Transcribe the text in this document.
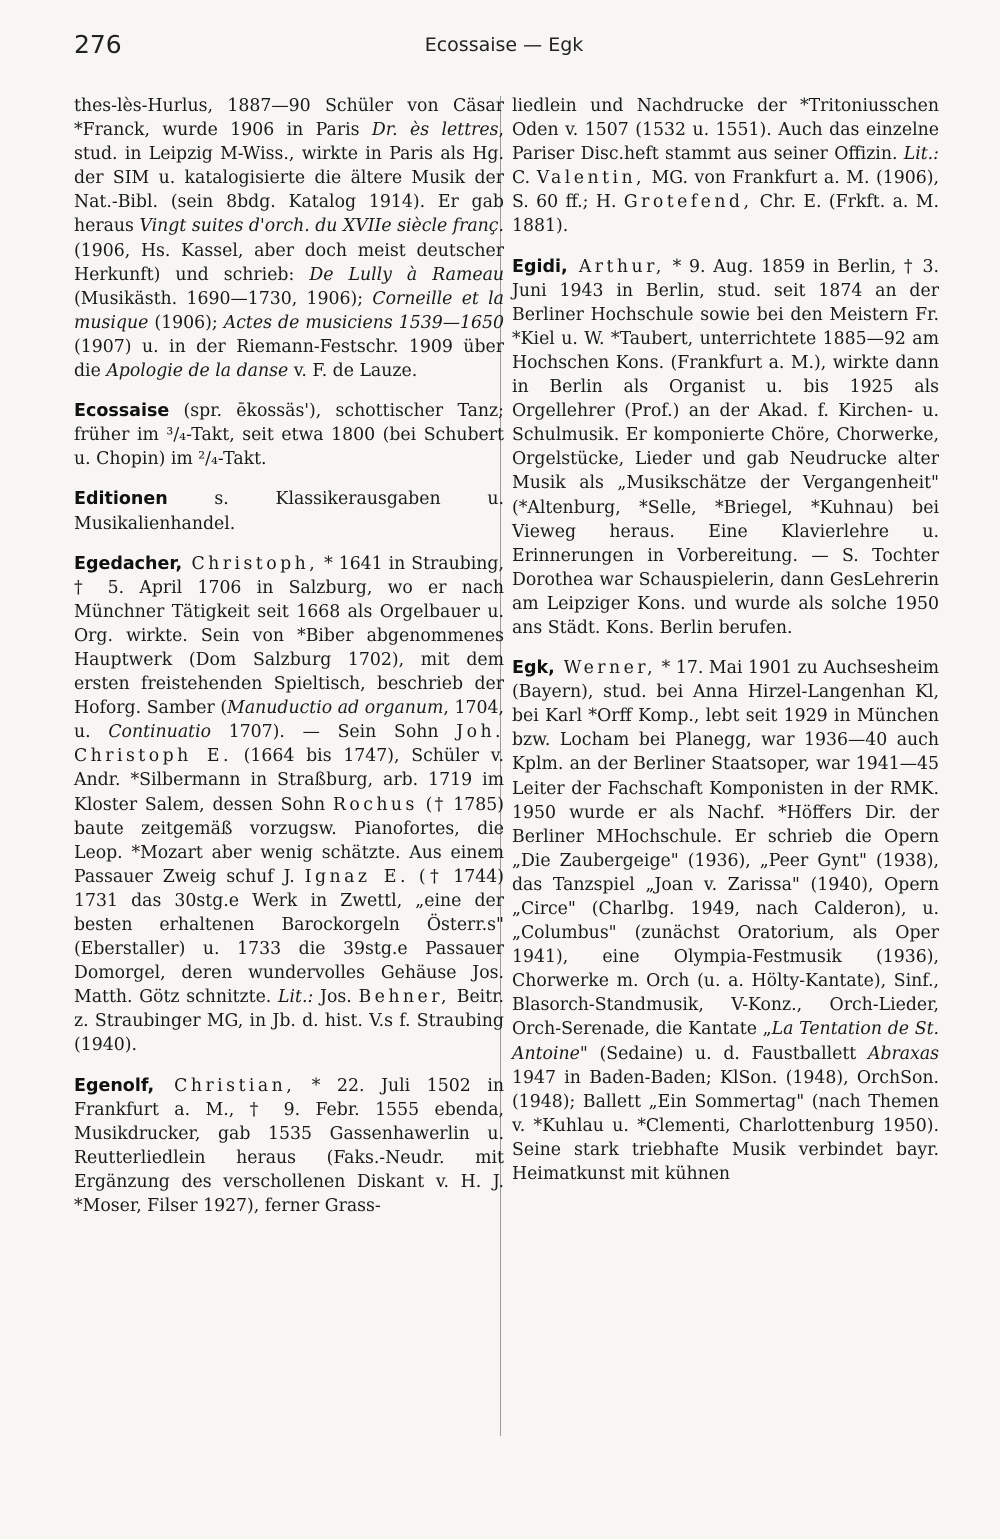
276	Ecossaise — Egk

thes-lès-Hurlus, 1887—90 Schüler von Cäsar *Franck, wurde 1906 in Paris Dr. ès lettres, stud. in Leipzig M-Wiss., wirkte in Paris als Hg. der SIM u. katalogisierte die ältere Musik der Nat.-Bibl. (sein 8bdg. Katalog 1914). Er gab heraus Vingt suites d'orch. du XVIIe siècle franç. (1906, Hs. Kassel, aber doch meist deutscher Herkunft) und schrieb: De Lully à Rameau (Musikästh. 1690—1730, 1906); Corneille et la musique (1906); Actes de musiciens 1539—1650 (1907) u. in der Riemann-Festschr. 1909 über die Apologie de la danse v. F. de Lauze.

Ecossaise (spr. ēkossäs'), schottischer Tanz; früher im ³/₄-Takt, seit etwa 1800 (bei Schubert u. Chopin) im ²/₄-Takt.

Editionen s. Klassikerausgaben u. Musikalienhandel.

Egedacher, Christoph, * 1641 in Straubing, † 5. April 1706 in Salzburg, wo er nach Münchner Tätigkeit seit 1668 als Orgelbauer u. Org. wirkte. Sein von *Biber abgenommenes Hauptwerk (Dom Salzburg 1702), mit dem ersten freistehenden Spieltisch, beschrieb der Hoforg. Samber (Manuductio ad organum, 1704, u. Continuatio 1707). — Sein Sohn Joh. Christoph E. (1664 bis 1747), Schüler v. Andr. *Silbermann in Straßburg, arb. 1719 im Kloster Salem, dessen Sohn Rochus († 1785) baute zeitgemäß vorzugsw. Pianofortes, die Leop. *Mozart aber wenig schätzte. Aus einem Passauer Zweig schuf J. Ignaz E. († 1744) 1731 das 30stg.e Werk in Zwettl, „eine der besten erhaltenen Barockorgeln Österr.s" (Eberstaller) u. 1733 die 39stg.e Passauer Domorgel, deren wundervolles Gehäuse Jos. Matth. Götz schnitzte. Lit.: Jos. Behner, Beitr. z. Straubinger MG, in Jb. d. hist. V.s f. Straubing (1940).

Egenolf, Christian, * 22. Juli 1502 in Frankfurt a. M., † 9. Febr. 1555 ebenda, Musikdrucker, gab 1535 Gassenhawerlin u. Reutterliedlein heraus (Faks.-Neudr. mit Ergänzung des verschollenen Diskant v. H. J. *Moser, Filser 1927), ferner Grass-

liedlein und Nachdrucke der *Tritoniusschen Oden v. 1507 (1532 u. 1551). Auch das einzelne Pariser Disc.heft stammt aus seiner Offizin. Lit.: C. Valentin, MG. von Frankfurt a. M. (1906), S. 60 ff.; H. Grotefend, Chr. E. (Frkft. a. M. 1881).

Egidi, Arthur, * 9. Aug. 1859 in Berlin, † 3. Juni 1943 in Berlin, stud. seit 1874 an der Berliner Hochschule sowie bei den Meistern Fr. *Kiel u. W. *Taubert, unterrichtete 1885—92 am Hochschen Kons. (Frankfurt a. M.), wirkte dann in Berlin als Organist u. bis 1925 als Orgellehrer (Prof.) an der Akad. f. Kirchen- u. Schulmusik. Er komponierte Chöre, Chorwerke, Orgelstücke, Lieder und gab Neudrucke alter Musik als „Musikschätze der Vergangenheit" (*Altenburg, *Selle, *Briegel, *Kuhnau) bei Vieweg heraus. Eine Klavierlehre u. Erinnerungen in Vorbereitung. — S. Tochter Dorothea war Schauspielerin, dann GesLehrerin am Leipziger Kons. und wurde als solche 1950 ans Städt. Kons. Berlin berufen.

Egk, Werner, * 17. Mai 1901 zu Auchsesheim (Bayern), stud. bei Anna Hirzel-Langenhan Kl, bei Karl *Orff Komp., lebt seit 1929 in München bzw. Locham bei Planegg, war 1936—40 auch Kplm. an der Berliner Staatsoper, war 1941—45 Leiter der Fachschaft Komponisten in der RMK. 1950 wurde er als Nachf. *Höffers Dir. der Berliner MHochschule. Er schrieb die Opern „Die Zaubergeige" (1936), „Peer Gynt" (1938), das Tanzspiel „Joan v. Zarissa" (1940), Opern „Circe" (Charlbg. 1949, nach Calderon), u. „Columbus" (zunächst Oratorium, als Oper 1941), eine Olympia-Festmusik (1936), Chorwerke m. Orch (u. a. Hölty-Kantate), Sinf., Blasorch-Standmusik, V-Konz., Orch-Lieder, Orch-Serenade, die Kantate „La Tentation de St. Antoine" (Sedaine) u. d. Faustballett Abraxas 1947 in Baden-Baden; KlSon. (1948), OrchSon. (1948); Ballett „Ein Sommertag" (nach Themen v. *Kuhlau u. *Clementi, Charlottenburg 1950). Seine stark triebhafte Musik verbindet bayr. Heimatkunst mit kühnen
